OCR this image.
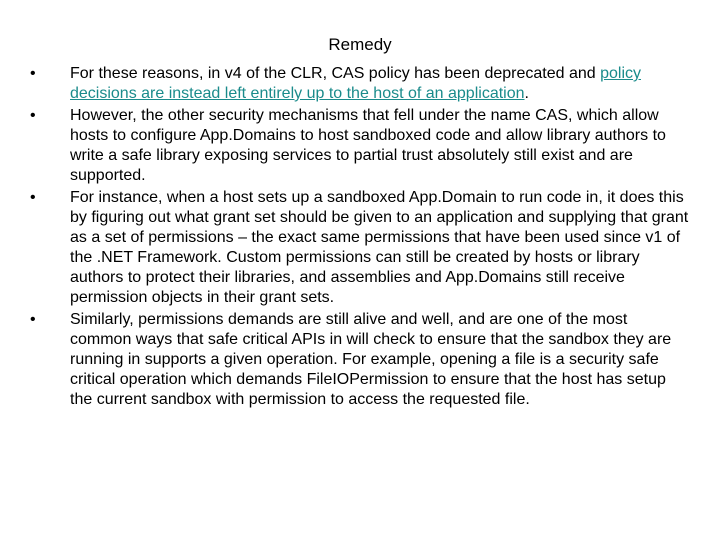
Remedy
•	For these reasons, in v4 of the CLR, CAS policy has been deprecated and policy decisions are instead left entirely up to the host of an application.
•	However, the other security mechanisms that fell under the name CAS, which allow hosts to configure App.Domains to host sandboxed code and allow library authors to write a safe library exposing services to partial trust absolutely still exist and are supported.
•	For instance, when a host sets up a sandboxed App.Domain to run code in, it does this by figuring out what grant set should be given to an application and supplying that grant as a set of permissions – the exact same permissions that have been used since v1 of the .NET Framework. Custom permissions can still be created by hosts or library authors to protect their libraries, and assemblies and App.Domains still receive permission objects in their grant sets.
•	Similarly, permissions demands are still alive and well, and are one of the most common ways that safe critical APIs in will check to ensure that the sandbox they are running in supports a given operation. For example, opening a file is a security safe critical operation which demands FileIOPermission to ensure that the host has setup the current sandbox with permission to access the requested file.
